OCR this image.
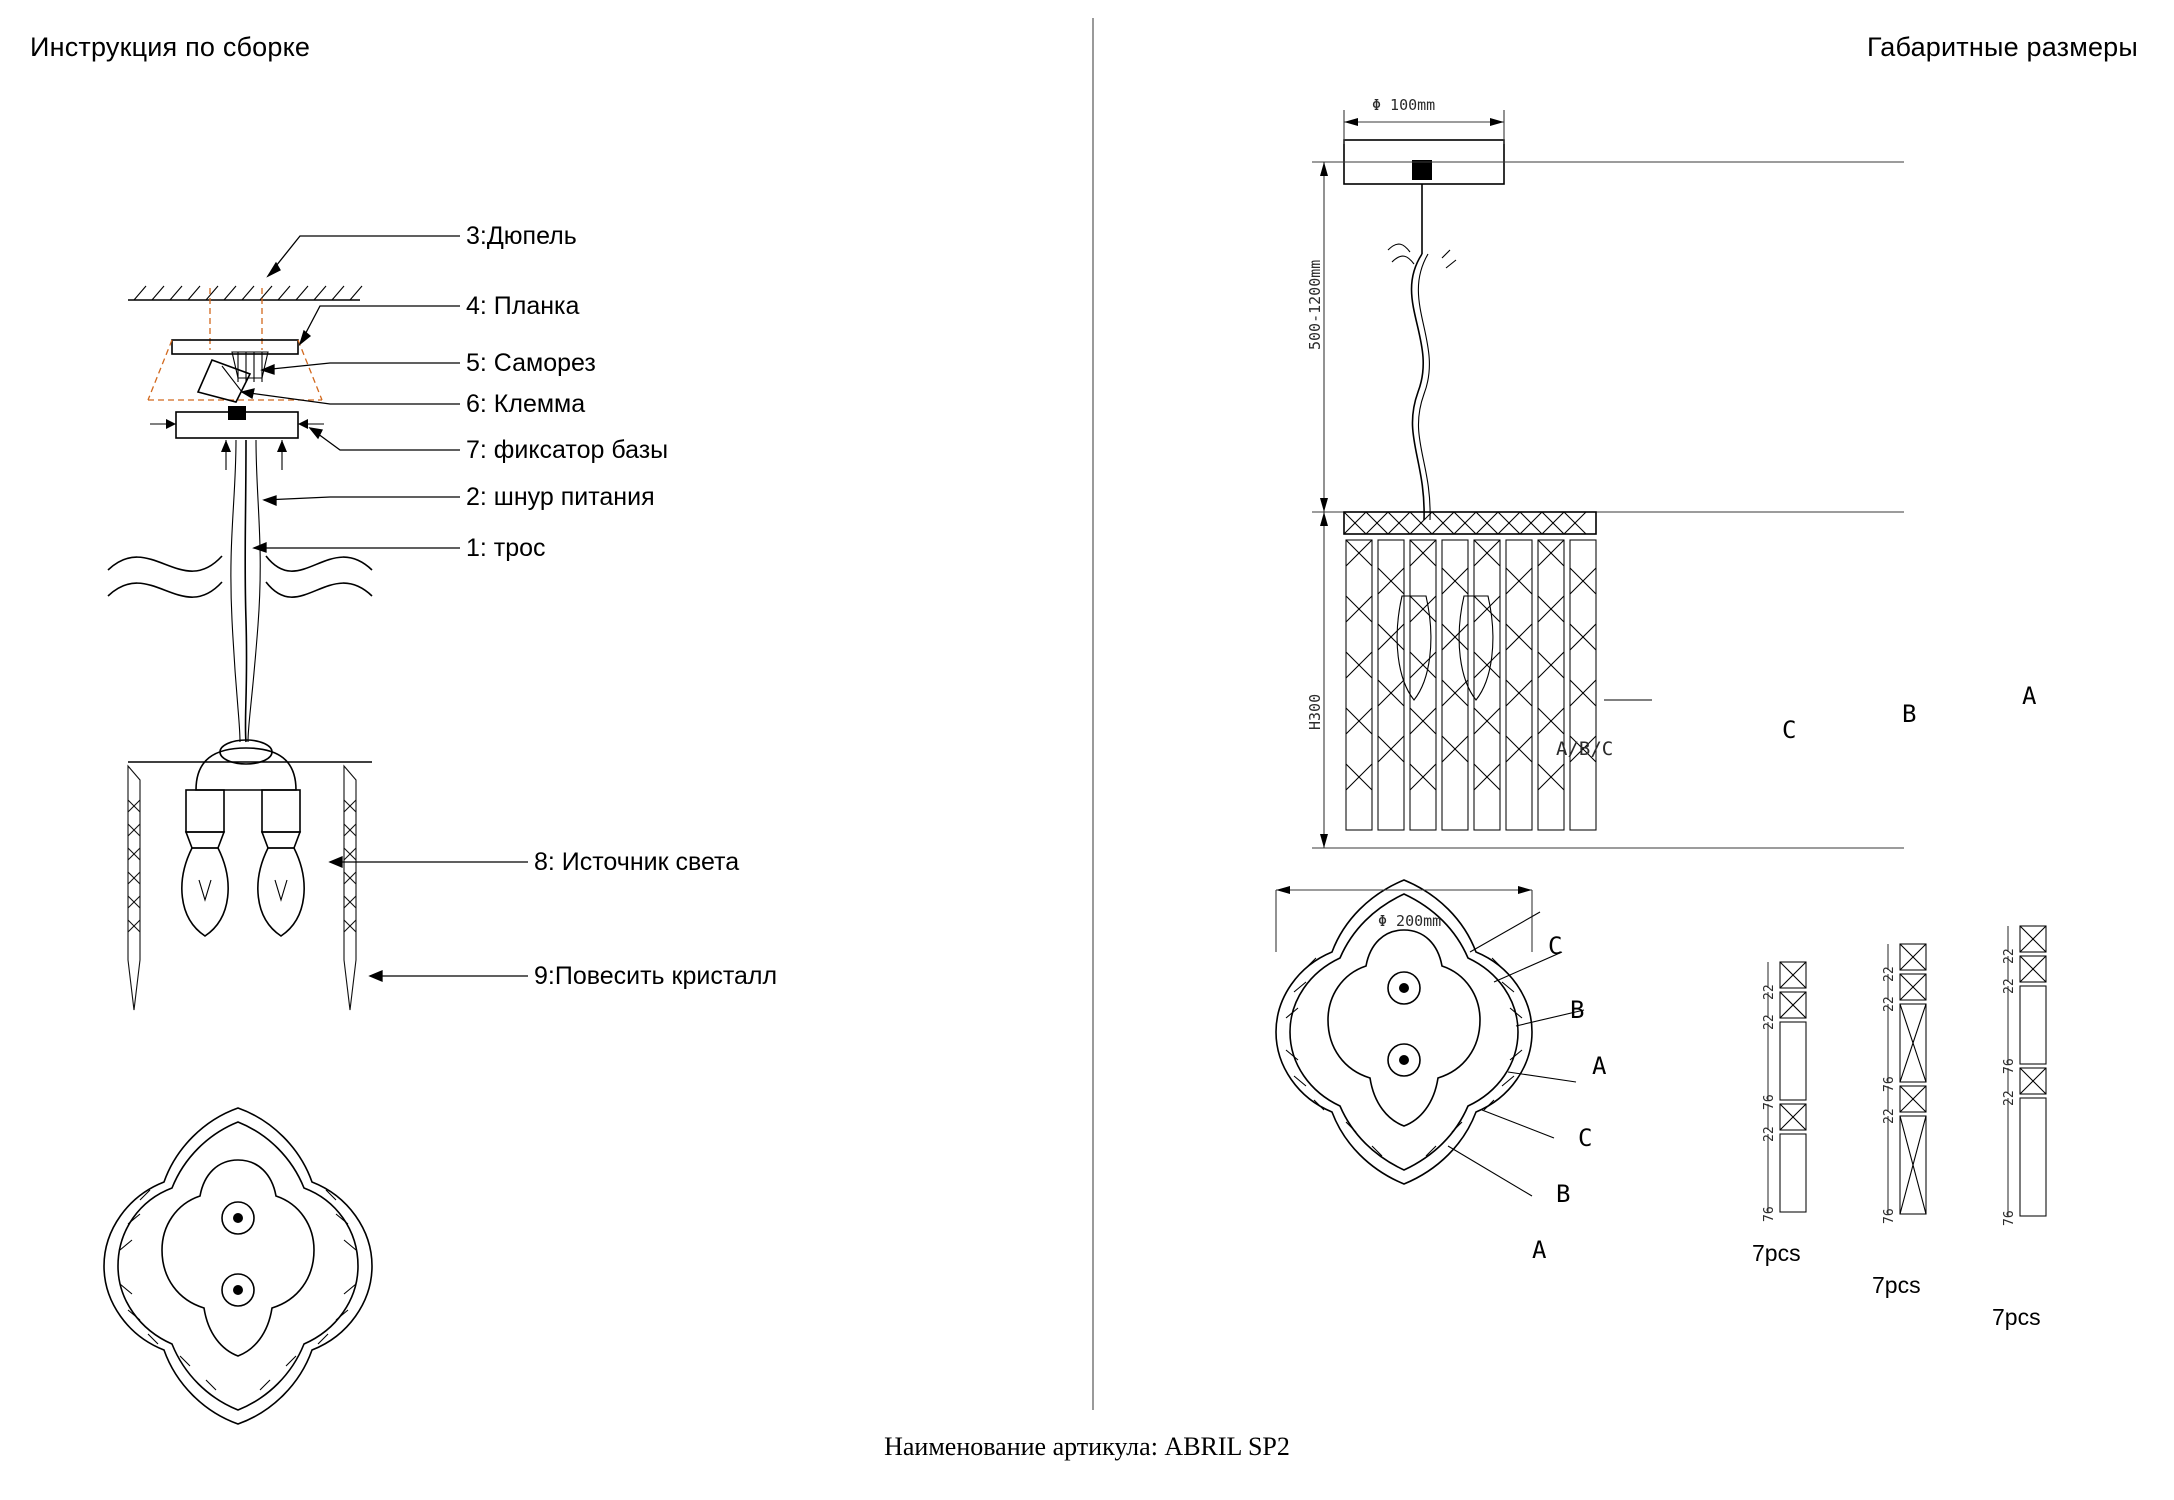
Инструкция по сборке	Габаритные размеры
3:Дюпель
4: Планка
5: Саморез
6: Клемма
7: фиксатор базы
2: шнур питания
1: трос
8: Источник света
9:Повесить кристалл
Φ 100mm
500-1200mm
H300
Φ 200mm
A/B/C
C
B
A
C
B
A
C
B
A
7pcs
7pcs
7pcs
22
22
76
22
76
22
22
76
22
76
22
22
76
22
76
Наименование артикула: ABRIL SP2
